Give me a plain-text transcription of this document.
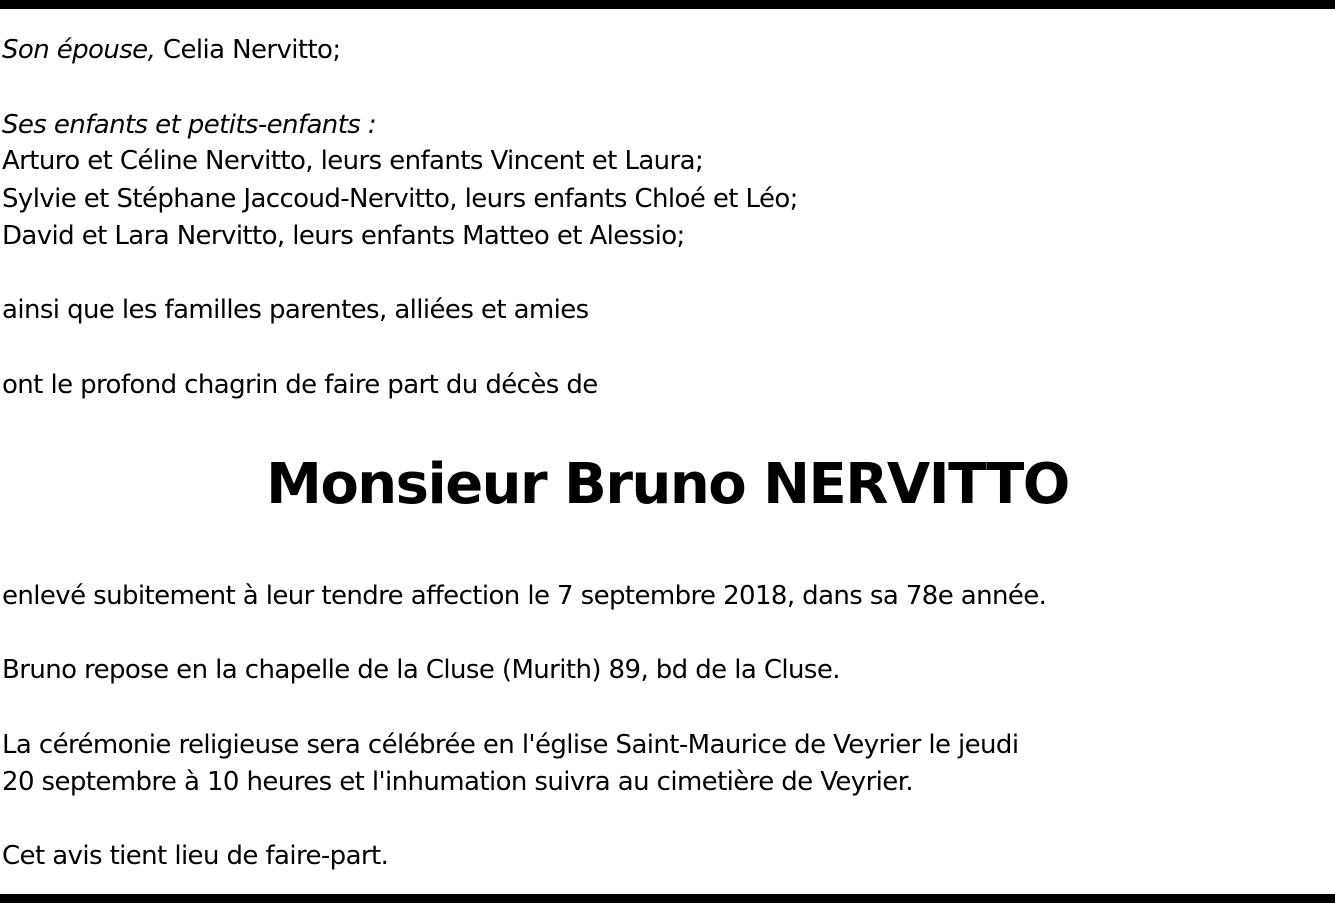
Son épouse, Celia Nervitto;
Ses enfants et petits-enfants :
Arturo et Céline Nervitto, leurs enfants Vincent et Laura;
Sylvie et Stéphane Jaccoud-Nervitto, leurs enfants Chloé et Léo;
David et Lara Nervitto, leurs enfants Matteo et Alessio;
ainsi que les familles parentes, alliées et amies
ont le profond chagrin de faire part du décès de
Monsieur Bruno NERVITTO
enlevé subitement à leur tendre affection le 7 septembre 2018, dans sa 78e année.
Bruno repose en la chapelle de la Cluse (Murith) 89, bd de la Cluse.
La cérémonie religieuse sera célébrée en l'église Saint-Maurice de Veyrier le jeudi
20 septembre à 10 heures et l'inhumation suivra au cimetière de Veyrier.
Cet avis tient lieu de faire-part.
